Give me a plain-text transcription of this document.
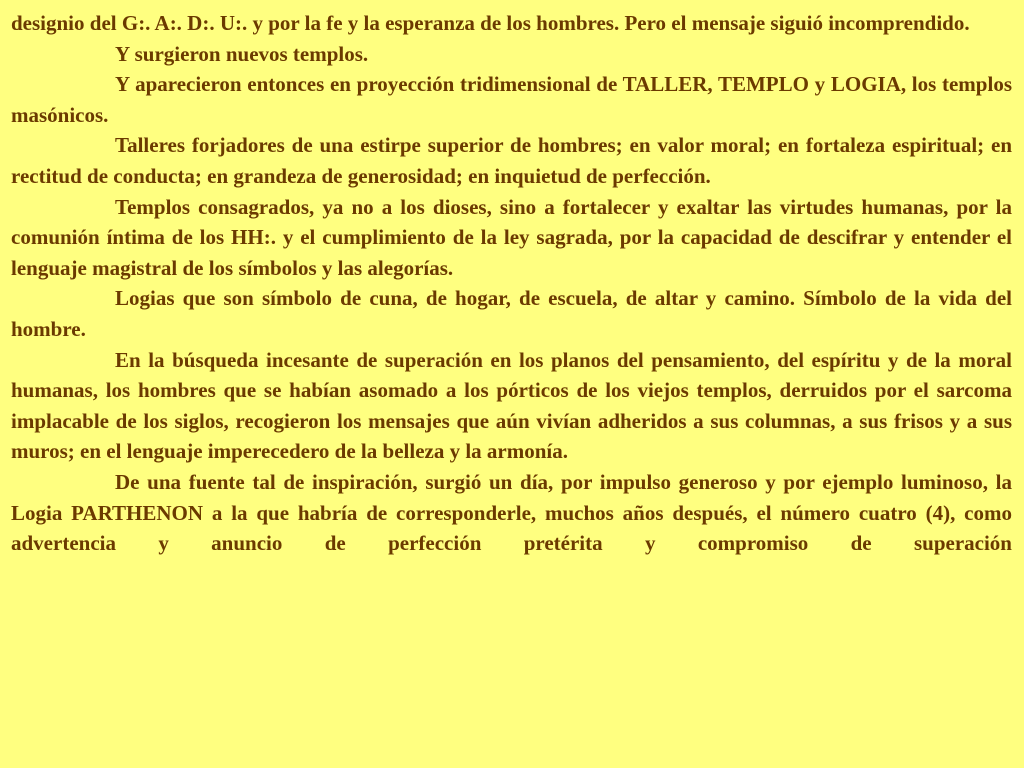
designio del G:. A:. D:. U:. y por la fe y la esperanza de los hombres. Pero el mensaje siguió incomprendido.

Y surgieron nuevos templos.

Y aparecieron entonces en proyección tridimensional de TALLER, TEMPLO y LOGIA, los templos masónicos.

Talleres forjadores de una estirpe superior de hombres; en valor moral; en fortaleza espiritual; en rectitud de conducta; en grandeza de generosidad; en inquietud de perfección.

Templos consagrados, ya no a los dioses, sino a fortalecer y exaltar las virtudes humanas, por la comunión íntima de los HH:. y el cumplimiento de la ley sagrada, por la capacidad de descifrar y entender el lenguaje magistral de los símbolos y las alegorías.

Logias que son símbolo de cuna, de hogar, de escuela, de altar y camino. Símbolo de la vida del hombre.

En la búsqueda incesante de superación en los planos del pensamiento, del espíritu y de la moral humanas, los hombres que se habían asomado a los pórticos de los viejos templos, derruidos por el sarcoma implacable de los siglos, recogieron los mensajes que aún vivían adheridos a sus columnas, a sus frisos y a sus muros; en el lenguaje imperecedero de la belleza y la armonía.

De una fuente tal de inspiración, surgió un día, por impulso generoso y por ejemplo luminoso, la Logia PARTHENON a la que habría de corresponderle, muchos años después, el número cuatro (4), como advertencia y anuncio de perfección pretérita y compromiso de superación
